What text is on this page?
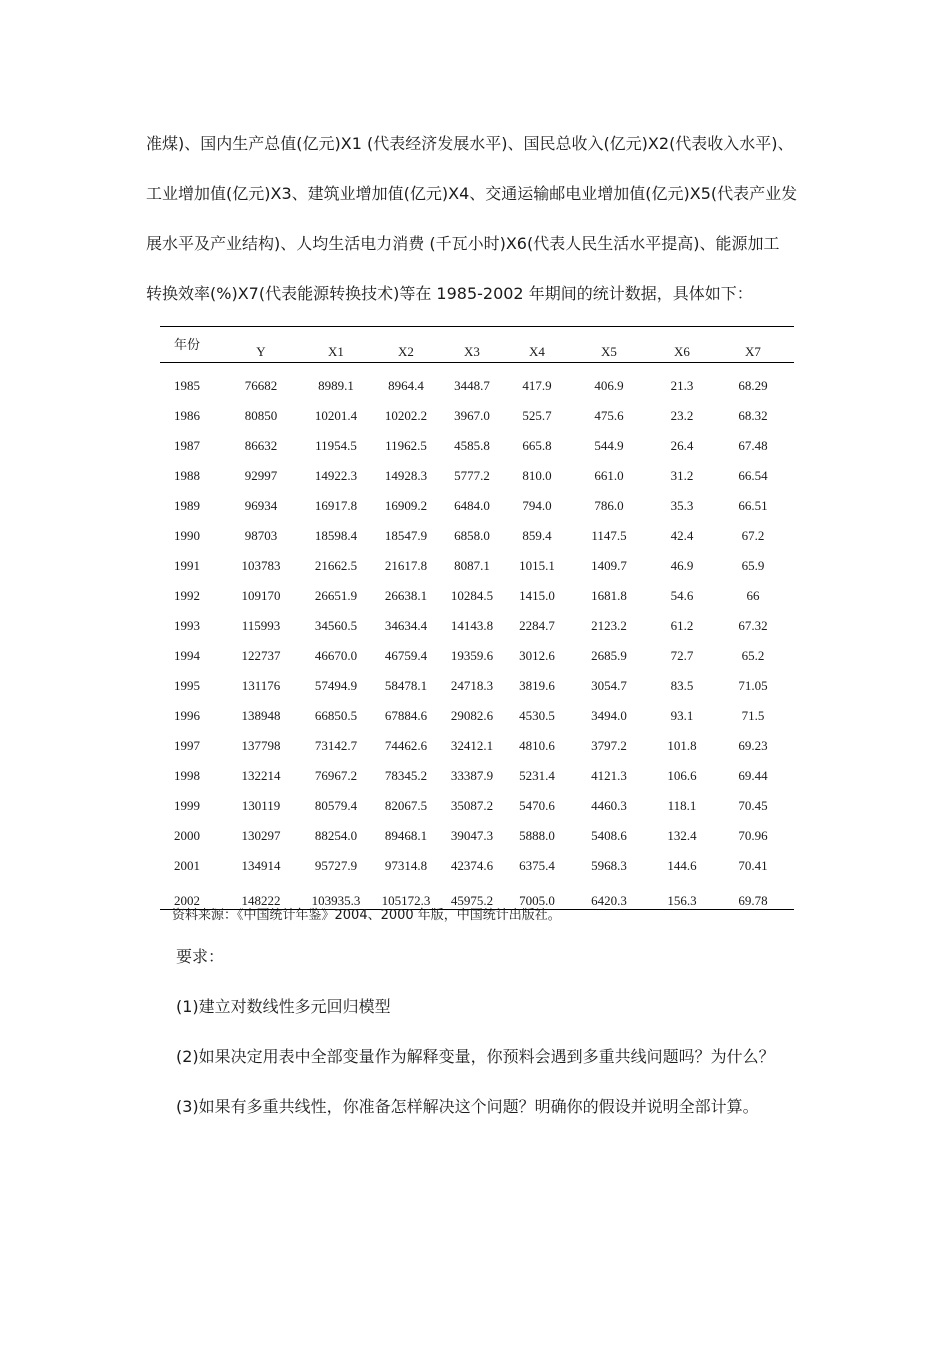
准煤)、国内生产总值(亿元)X1 (代表经济发展水平)、国民总收入(亿元)X2(代表收入水平)、
工业增加值(亿元)X3、建筑业增加值(亿元)X4、交通运输邮电业增加值(亿元)X5(代表产业发
展水平及产业结构)、人均生活电力消费 (千瓦小时)X6(代表人民生活水平提高)、能源加工
转换效率(%)X7(代表能源转换技术)等在 1985-2002 年期间的统计数据，具体如下：
年份	Y	X1	X2	X3	X4	X5	X6	X7
1985	76682	8989.1	8964.4	3448.7	417.9	406.9	21.3	68.29
1986	80850	10201.4	10202.2	3967.0	525.7	475.6	23.2	68.32
1987	86632	11954.5	11962.5	4585.8	665.8	544.9	26.4	67.48
1988	92997	14922.3	14928.3	5777.2	810.0	661.0	31.2	66.54
1989	96934	16917.8	16909.2	6484.0	794.0	786.0	35.3	66.51
1990	98703	18598.4	18547.9	6858.0	859.4	1147.5	42.4	67.2
1991	103783	21662.5	21617.8	8087.1	1015.1	1409.7	46.9	65.9
1992	109170	26651.9	26638.1	10284.5	1415.0	1681.8	54.6	66
1993	115993	34560.5	34634.4	14143.8	2284.7	2123.2	61.2	67.32
1994	122737	46670.0	46759.4	19359.6	3012.6	2685.9	72.7	65.2
1995	131176	57494.9	58478.1	24718.3	3819.6	3054.7	83.5	71.05
1996	138948	66850.5	67884.6	29082.6	4530.5	3494.0	93.1	71.5
1997	137798	73142.7	74462.6	32412.1	4810.6	3797.2	101.8	69.23
1998	132214	76967.2	78345.2	33387.9	5231.4	4121.3	106.6	69.44
1999	130119	80579.4	82067.5	35087.2	5470.6	4460.3	118.1	70.45
2000	130297	88254.0	89468.1	39047.3	5888.0	5408.6	132.4	70.96
2001	134914	95727.9	97314.8	42374.6	6375.4	5968.3	144.6	70.41
2002	148222	103935.3	105172.3	45975.2	7005.0	6420.3	156.3	69.78
资料来源：《中国统计年鉴》2004、2000 年版，中国统计出版社。
要求：
(1)建立对数线性多元回归模型
(2)如果决定用表中全部变量作为解释变量，你预料会遇到多重共线问题吗？为什么？
(3)如果有多重共线性，你准备怎样解决这个问题？明确你的假设并说明全部计算。
